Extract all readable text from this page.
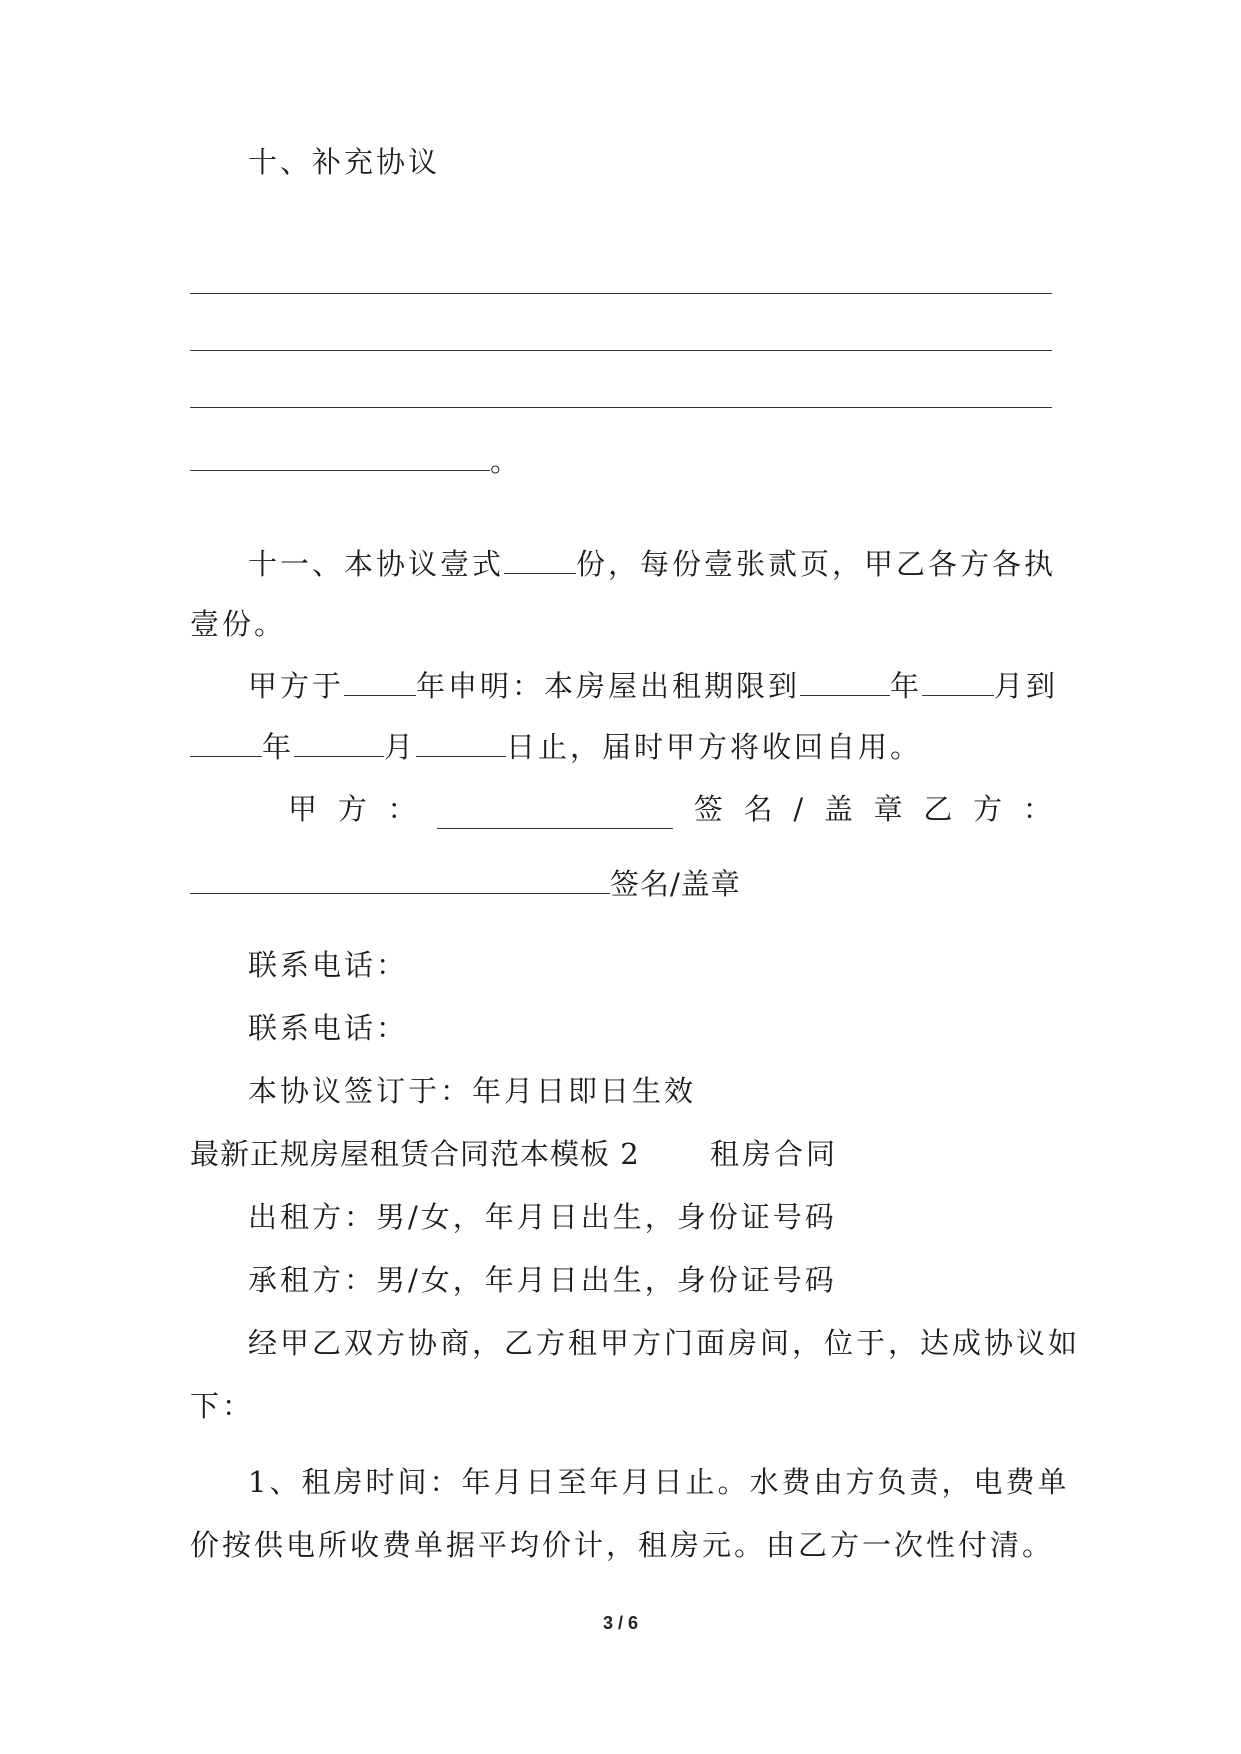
十、补充协议
。
十一、本协议壹式 份，每份壹张贰页，甲乙各方各执
壹份。
甲方于 年申明：本房屋出租期限到	年 月到
年	月	日止，届时甲方将收回自用。
甲 方 ：	签 名 / 盖 章 乙 方 ：
签名/盖章
联系电话：
联系电话：
本协议签订于：年月日即日生效
最新正规房屋租赁合同范本模板 2 租房合同
出租方：男/女，年月日出生，身份证号码
承租方：男/女，年月日出生，身份证号码
经甲乙双方协商，乙方租甲方门面房间，位于，达成协议如
下：
1、租房时间：年月日至年月日止。水费由方负责，电费单
价按供电所收费单据平均价计，租房元。由乙方一次性付清。
3 / 6
